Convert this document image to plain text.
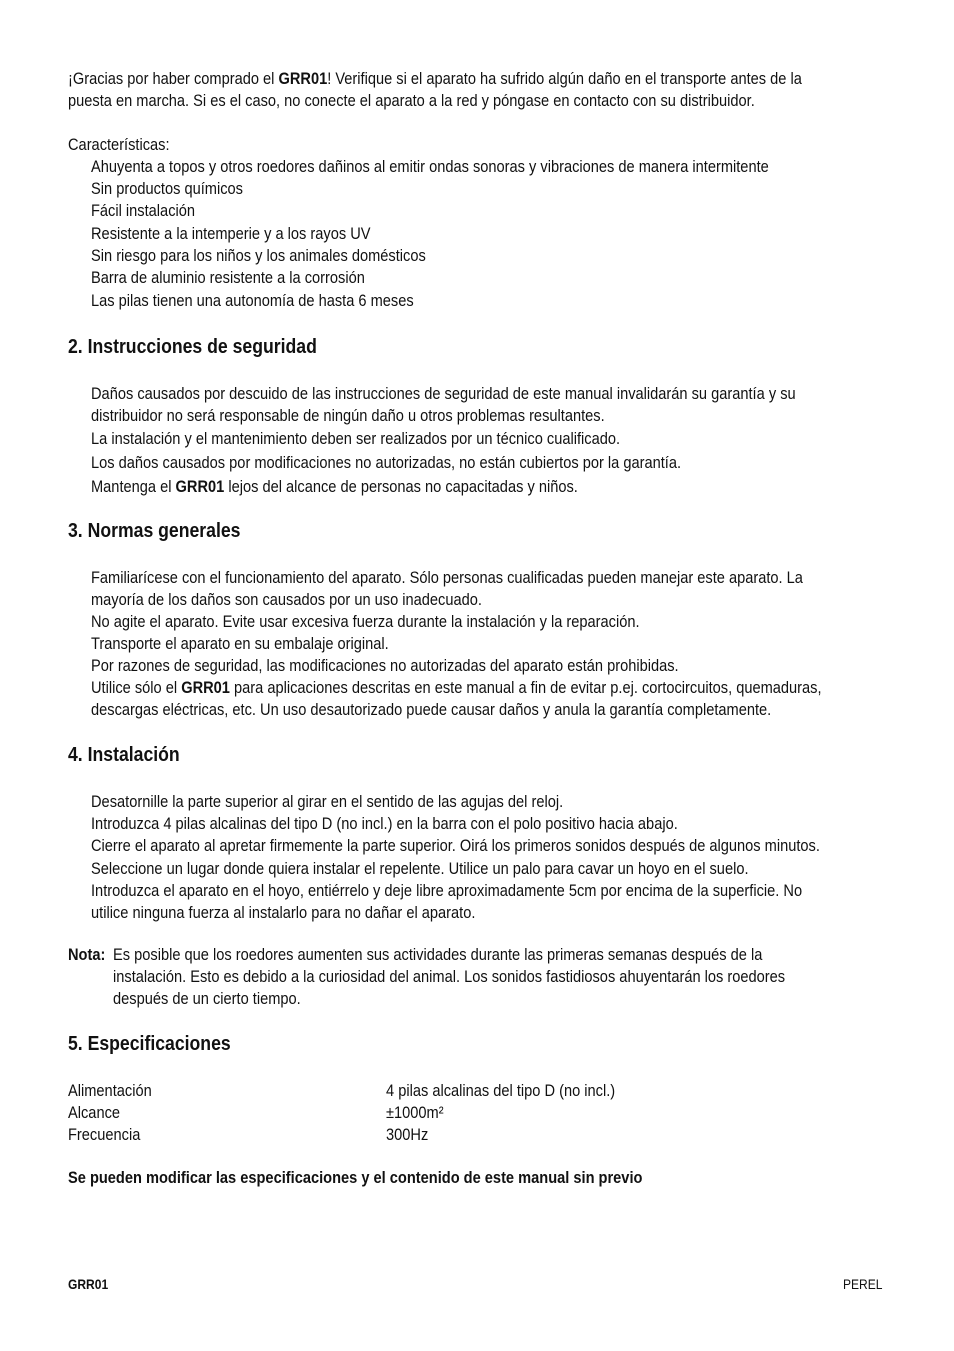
¡Gracias por haber comprado el GRR01! Verifique si el aparato ha sufrido algún daño en el transporte antes de la
puesta en marcha. Si es el caso, no conecte el aparato a la red y póngase en contacto con su distribuidor.
Características:
Ahuyenta a topos y otros roedores dañinos al emitir ondas sonoras y vibraciones de manera intermitente
Sin productos químicos
Fácil instalación
Resistente a la intemperie y a los rayos UV
Sin riesgo para los niños y los animales domésticos
Barra de aluminio resistente a la corrosión
Las pilas tienen una autonomía de hasta 6 meses
2. Instrucciones de seguridad
Daños causados por descuido de las instrucciones de seguridad de este manual invalidarán su garantía y su
distribuidor no será responsable de ningún daño u otros problemas resultantes.
La instalación y el mantenimiento deben ser realizados por un técnico cualificado.
Los daños causados por modificaciones no autorizadas, no están cubiertos por la garantía.
Mantenga el GRR01 lejos del alcance de personas no capacitadas y niños.
3. Normas generales
Familiarícese con el funcionamiento del aparato. Sólo personas cualificadas pueden manejar este aparato. La
mayoría de los daños son causados por un uso inadecuado.
No agite el aparato. Evite usar excesiva fuerza durante la instalación y la reparación.
Transporte el aparato en su embalaje original.
Por razones de seguridad, las modificaciones no autorizadas del aparato están prohibidas.
Utilice sólo el GRR01 para aplicaciones descritas en este manual a fin de evitar p.ej. cortocircuitos, quemaduras,
descargas eléctricas, etc. Un uso desautorizado puede causar daños y anula la garantía completamente.
4. Instalación
Desatornille la parte superior al girar en el sentido de las agujas del reloj.
Introduzca 4 pilas alcalinas del tipo D (no incl.) en la barra con el polo positivo hacia abajo.
Cierre el aparato al apretar firmemente la parte superior. Oirá los primeros sonidos después de algunos minutos.
Seleccione un lugar donde quiera instalar el repelente. Utilice un palo para cavar un hoyo en el suelo.
Introduzca el aparato en el hoyo, entiérrelo y deje libre aproximadamente 5cm por encima de la superficie. No
utilice ninguna fuerza al instalarlo para no dañar el aparato.
Nota: Es posible que los roedores aumenten sus actividades durante las primeras semanas después de la
instalación. Esto es debido a la curiosidad del animal. Los sonidos fastidiosos ahuyentarán los roedores
después de un cierto tiempo.
5. Especificaciones
Alimentación	4 pilas alcalinas del tipo D (no incl.)
Alcance	±1000m²
Frecuencia	300Hz
Se pueden modificar las especificaciones y el contenido de este manual sin previo
GRR01	PEREL
